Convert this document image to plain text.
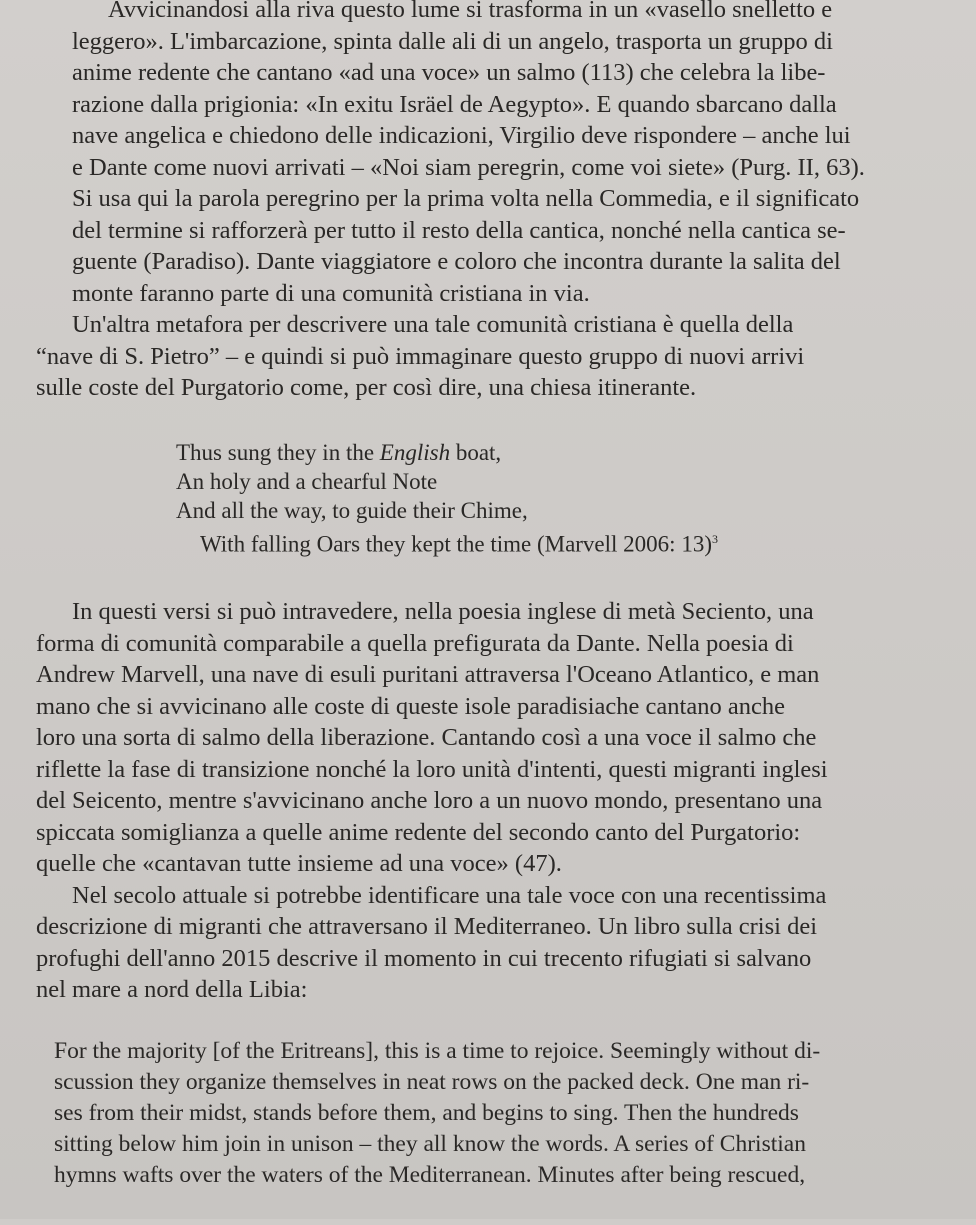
Avvicinandosi alla riva questo lume si trasforma in un «vasello snelletto e
leggero». L'imbarcazione, spinta dalle ali di un angelo, trasporta un gruppo di
anime redente che cantano «ad una voce» un salmo (113) che celebra la libe-
razione dalla prigionia: «In exitu Isräel de Aegypto». E quando sbarcano dalla
nave angelica e chiedono delle indicazioni, Virgilio deve rispondere – anche lui
e Dante come nuovi arrivati – «Noi siam peregrin, come voi siete» (Purg. II, 63).
Si usa qui la parola peregrino per la prima volta nella Commedia, e il significato
del termine si rafforzerà per tutto il resto della cantica, nonché nella cantica se-
guente (Paradiso). Dante viaggiatore e coloro che incontra durante la salita del
monte faranno parte di una comunità cristiana in via.
Un'altra metafora per descrivere una tale comunità cristiana è quella della
“nave di S. Pietro” – e quindi si può immaginare questo gruppo di nuovi arrivi
sulle coste del Purgatorio come, per così dire, una chiesa itinerante.
Thus sung they in the English boat,
An holy and a chearful Note
And all the way, to guide their Chime,
With falling Oars they kept the time (Marvell 2006: 13)$^3$
In questi versi si può intravedere, nella poesia inglese di metà Seciento, una
forma di comunità comparabile a quella prefigurata da Dante. Nella poesia di
Andrew Marvell, una nave di esuli puritani attraversa l'Oceano Atlantico, e man
mano che si avvicinano alle coste di queste isole paradisiache cantano anche
loro una sorta di salmo della liberazione. Cantando così a una voce il salmo che
riflette la fase di transizione nonché la loro unità d'intenti, questi migranti inglesi
del Seicento, mentre s'avvicinano anche loro a un nuovo mondo, presentano una
spiccata somiglianza a quelle anime redente del secondo canto del Purgatorio:
quelle che «cantavan tutte insieme ad una voce» (47).
Nel secolo attuale si potrebbe identificare una tale voce con una recentissima
descrizione di migranti che attraversano il Mediterraneo. Un libro sulla crisi dei
profughi dell'anno 2015 descrive il momento in cui trecento rifugiati si salvano
nel mare a nord della Libia:
For the majority [of the Eritreans], this is a time to rejoice. Seemingly without di-
scussion they organize themselves in neat rows on the packed deck. One man ri-
ses from their midst, stands before them, and begins to sing. Then the hundreds
sitting below him join in unison – they all know the words. A series of Christian
hymns wafts over the waters of the Mediterranean. Minutes after being rescued,
